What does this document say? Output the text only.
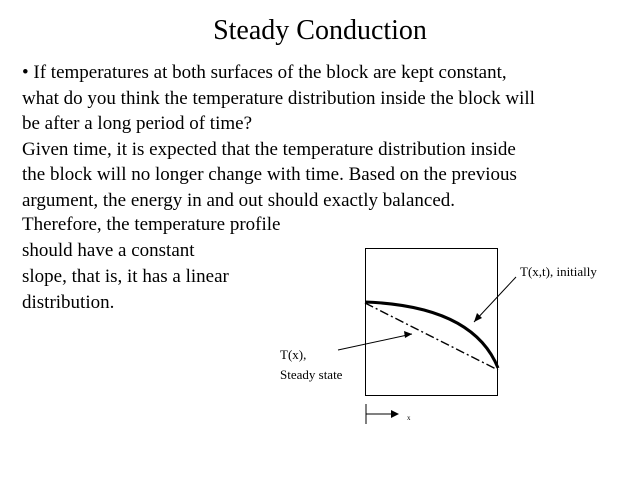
Steady Conduction

• If temperatures at both surfaces of the block are kept constant,

what do you think the temperature distribution inside the block will

be after a long period of time?

Given time, it is expected that the temperature distribution inside

the block will no longer change with time. Based on the previous

argument, the energy in and out should exactly balanced.

Therefore, the temperature profile

should have a constant

slope, that is, it has a linear

distribution.

T(x,t), initially
T(x),
Steady state
x
